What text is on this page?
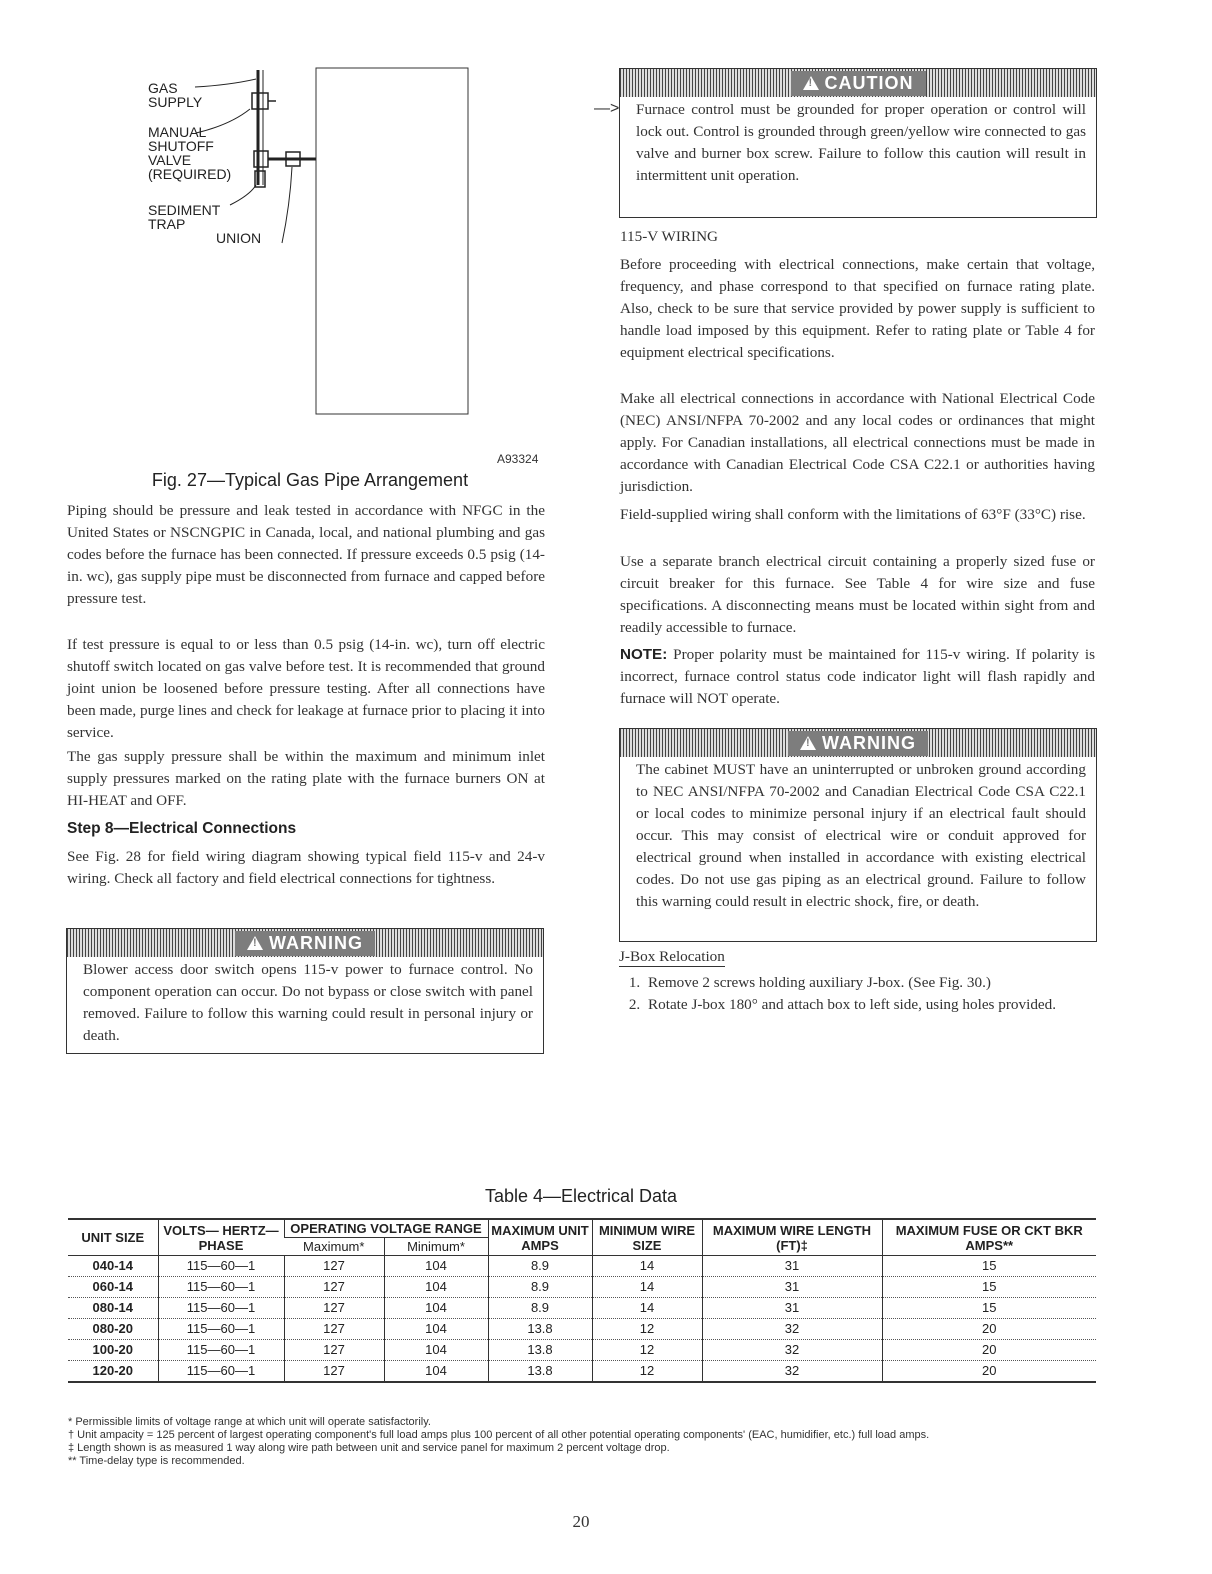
GAS
SUPPLY
MANUAL
SHUTOFF
VALVE
(REQUIRED)
SEDIMENT
TRAP
UNION
A93324
Fig. 27—Typical Gas Pipe Arrangement

Piping should be pressure and leak tested in accordance with NFGC in the United States or NSCNGPIC in Canada, local, and national plumbing and gas codes before the furnace has been connected. If pressure exceeds 0.5 psig (14-in. wc), gas supply pipe must be disconnected from furnace and capped before pressure test.

If test pressure is equal to or less than 0.5 psig (14-in. wc), turn off electric shutoff switch located on gas valve before test. It is recommended that ground joint union be loosened before pressure testing. After all connections have been made, purge lines and check for leakage at furnace prior to placing it into service.

The gas supply pressure shall be within the maximum and minimum inlet supply pressures marked on the rating plate with the furnace burners ON at HI-HEAT and OFF.

Step 8—Electrical Connections

See Fig. 28 for field wiring diagram showing typical field 115-v and 24-v wiring. Check all factory and field electrical connections for tightness.

!
WARNING
Blower access door switch opens 115-v power to furnace control. No component operation can occur. Do not bypass or close switch with panel removed. Failure to follow this warning could result in personal injury or death.
—>
!
CAUTION
Furnace control must be grounded for proper operation or control will lock out. Control is grounded through green/yellow wire connected to gas valve and burner box screw. Failure to follow this caution will result in intermittent unit operation.
115-V WIRING

Before proceeding with electrical connections, make certain that voltage, frequency, and phase correspond to that specified on furnace rating plate. Also, check to be sure that service provided by power supply is sufficient to handle load imposed by this equipment. Refer to rating plate or Table 4 for equipment electrical specifications.

Make all electrical connections in accordance with National Electrical Code (NEC) ANSI/NFPA 70-2002 and any local codes or ordinances that might apply. For Canadian installations, all electrical connections must be made in accordance with Canadian Electrical Code CSA C22.1 or authorities having jurisdiction.

Field-supplied wiring shall conform with the limitations of 63°F (33°C) rise.

Use a separate branch electrical circuit containing a properly sized fuse or circuit breaker for this furnace. See Table 4 for wire size and fuse specifications. A disconnecting means must be located within sight from and readily accessible to furnace.

NOTE: Proper polarity must be maintained for 115-v wiring. If polarity is incorrect, furnace control status code indicator light will flash rapidly and furnace will NOT operate.

!
WARNING
The cabinet MUST have an uninterrupted or unbroken ground according to NEC ANSI/NFPA 70-2002 and Canadian Electrical Code CSA C22.1 or local codes to minimize personal injury if an electrical fault should occur. This may consist of electrical wire or conduit approved for electrical ground when installed in accordance with existing electrical codes. Do not use gas piping as an electrical ground. Failure to follow this warning could result in electric shock, fire, or death.
J-Box Relocation
1. Remove 2 screws holding auxiliary J-box. (See Fig. 30.)
2. Rotate J-box 180° and attach box to left side, using holes provided.
Table 4—Electrical Data
UNIT SIZE	VOLTS— HERTZ— PHASE	OPERATING VOLTAGE RANGE		MAXIMUM UNIT AMPS	MINIMUM WIRE SIZE	MAXIMUM WIRE LENGTH (FT)‡	MAXIMUM FUSE OR CKT BKR AMPS**
		Maximum*	Minimum*				
040-14	115—60—1	127	104	8.9	14	31	15
060-14	115—60—1	127	104	8.9	14	31	15
080-14	115—60—1	127	104	8.9	14	31	15
080-20	115—60—1	127	104	13.8	12	32	20
100-20	115—60—1	127	104	13.8	12	32	20
120-20	115—60—1	127	104	13.8	12	32	20
* Permissible limits of voltage range at which unit will operate satisfactorily.
† Unit ampacity = 125 percent of largest operating component's full load amps plus 100 percent of all other potential operating components' (EAC, humidifier, etc.) full load amps.
‡ Length shown is as measured 1 way along wire path between unit and service panel for maximum 2 percent voltage drop.
** Time-delay type is recommended.
20
